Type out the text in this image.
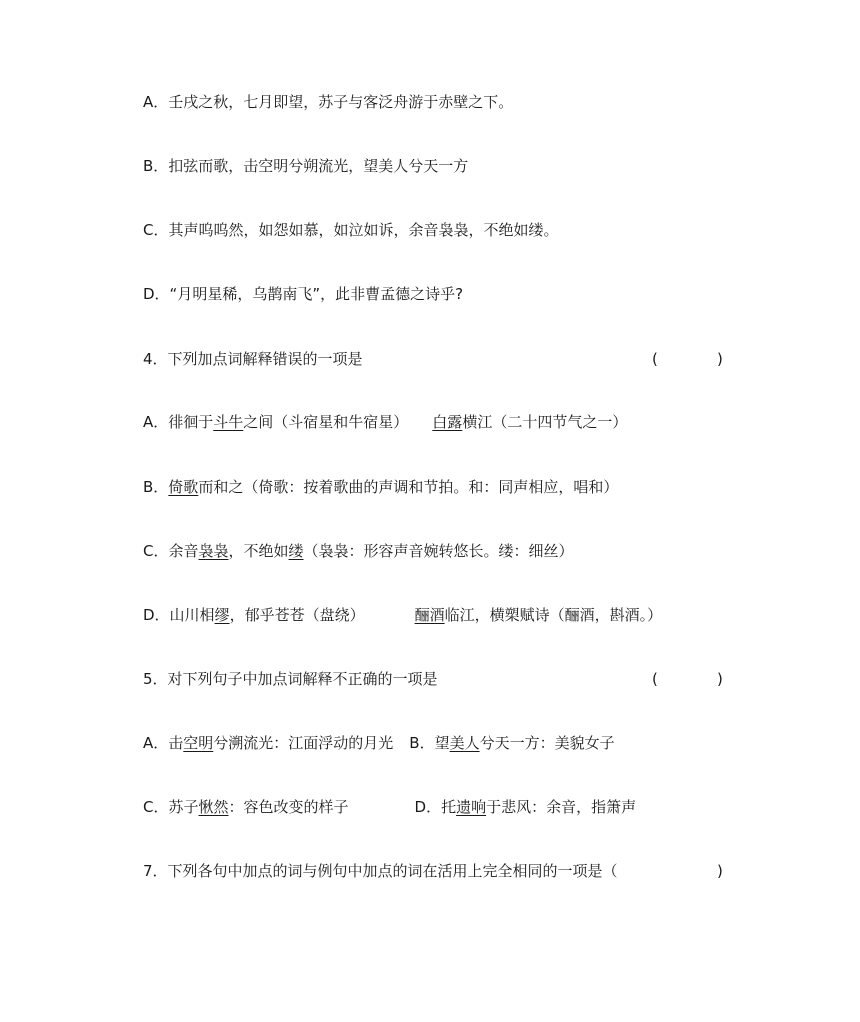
A．壬戌之秋，七月即望，苏子与客泛舟游于赤壁之下。
B．扣弦而歌，击空明兮朔流光，望美人兮天一方
C．其声呜呜然，如怨如慕，如泣如诉，余音袅袅，不绝如缕。
D．“月明星稀，乌鹊南飞”，此非曹孟德之诗乎?
4．下列加点词解释错误的一项是	(	)
A．徘徊于斗牛之间（斗宿星和牛宿星） 白露横江（二十四节气之一）
B．倚歌而和之（倚歌：按着歌曲的声调和节拍。和：同声相应，唱和）
C．余音袅袅，不绝如缕（袅袅：形容声音婉转悠长。缕：细丝）
D．山川相缪，郁乎苍苍（盘绕）	酾酒临江，横槊赋诗（酾酒，斟酒。）
5．对下列句子中加点词解释不正确的一项是	(	)
A．击空明兮溯流光：江面浮动的月光 B．望美人兮天一方：美貌女子
C．苏子愀然：容色改变的样子	D．托遗响于悲风：余音，指箫声
7．下列各句中加点的词与例句中加点的词在活用上完全相同的一项是（	)
